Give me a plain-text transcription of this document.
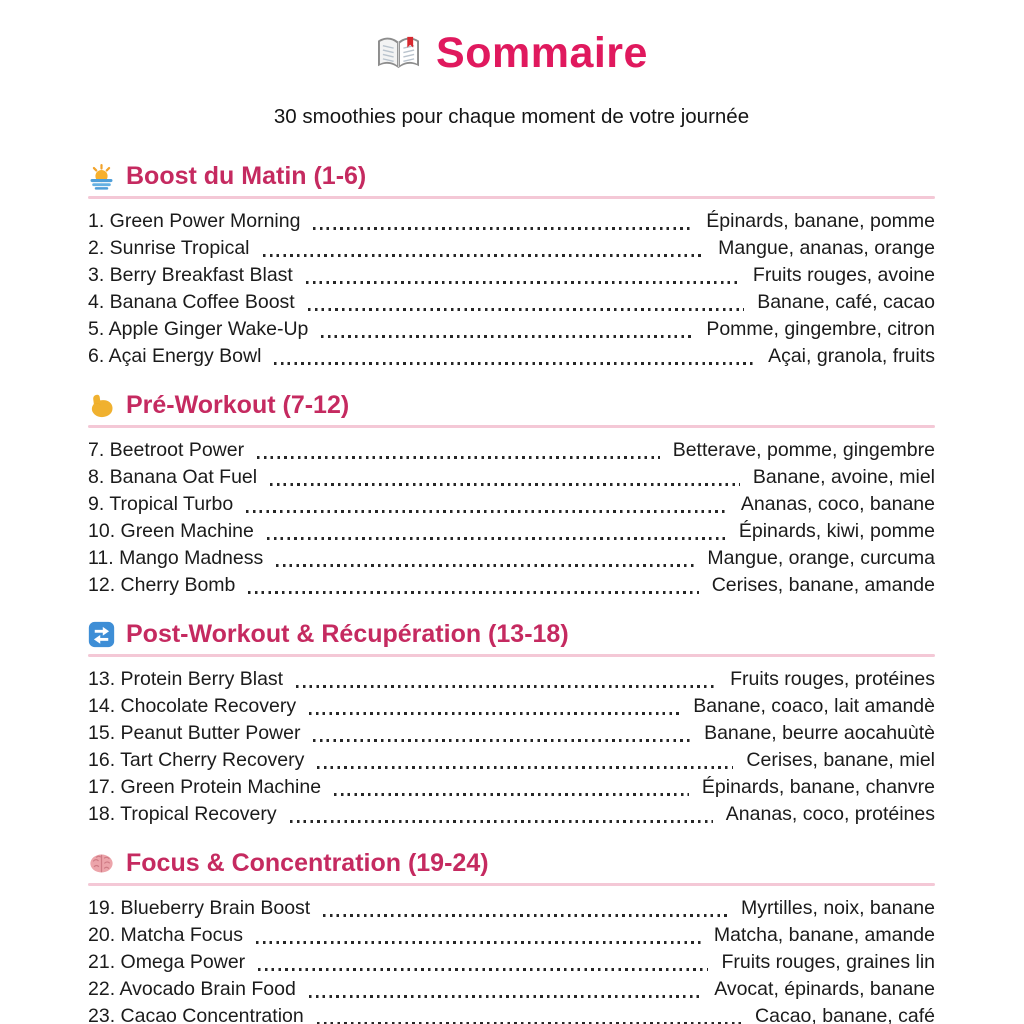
Sommaire
30 smoothies pour chaque moment de votre journée
Boost du Matin (1-6)
1. Green Power Morning	Épinards, banane, pomme
2. Sunrise Tropical	Mangue, ananas, orange
3. Berry Breakfast Blast	Fruits rouges, avoine
4. Banana Coffee Boost	Banane, café, cacao
5. Apple Ginger Wake-Up	Pomme, gingembre, citron
6. Açai Energy Bowl	Açai, granola, fruits
Pré-Workout (7-12)
7. Beetroot Power	Betterave, pomme, gingembre
8. Banana Oat Fuel	Banane, avoine, miel
9. Tropical Turbo	Ananas, coco, banane
10. Green Machine	Épinards, kiwi, pomme
11. Mango Madness	Mangue, orange, curcuma
12. Cherry Bomb	Cerises, banane, amande
Post-Workout & Récupération (13-18)
13. Protein Berry Blast	Fruits rouges, protéines
14. Chocolate Recovery	Banane, coaco, lait amandè
15. Peanut Butter Power	Banane, beurre aocahuùtè
16. Tart Cherry Recovery	Cerises, banane, miel
17. Green Protein Machine	Épinards, banane, chanvre
18. Tropical Recovery	Ananas, coco, protéines
Focus & Concentration (19-24)
19. Blueberry Brain Boost	Myrtilles, noix, banane
20. Matcha Focus	Matcha, banane, amande
21. Omega Power	Fruits rouges, graines lin
22. Avocado Brain Food	Avocat, épinards, banane
23. Cacao Concentration	Cacao, banane, café
